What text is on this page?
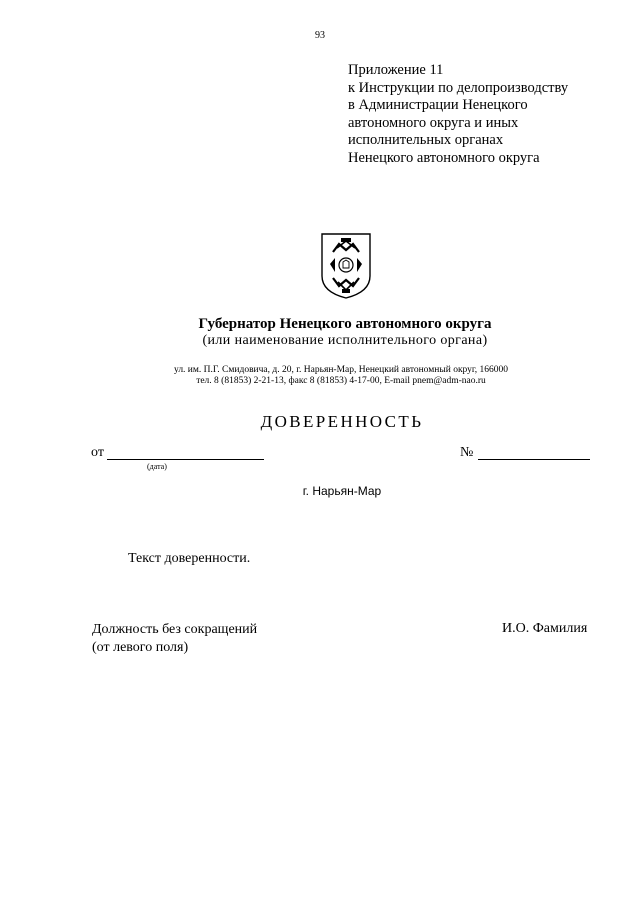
93
Приложение 11
к Инструкции по делопроизводству
в Администрации Ненецкого
автономного округа и иных
исполнительных органах
Ненецкого автономного округа
Губернатор Ненецкого автономного округа
(или наименование исполнительного органа)
ул. им. П.Г. Смидовича, д. 20, г. Нарьян-Мар, Ненецкий автономный округ, 166000
тел. 8 (81853) 2-21-13, факс 8 (81853) 4-17-00, E-mail pnem@adm-nao.ru
ДОВЕРЕННОСТЬ
от
(дата)
№
г. Нарьян-Мар
Текст доверенности.
Должность без сокращений
(от левого поля)
И.О. Фамилия
